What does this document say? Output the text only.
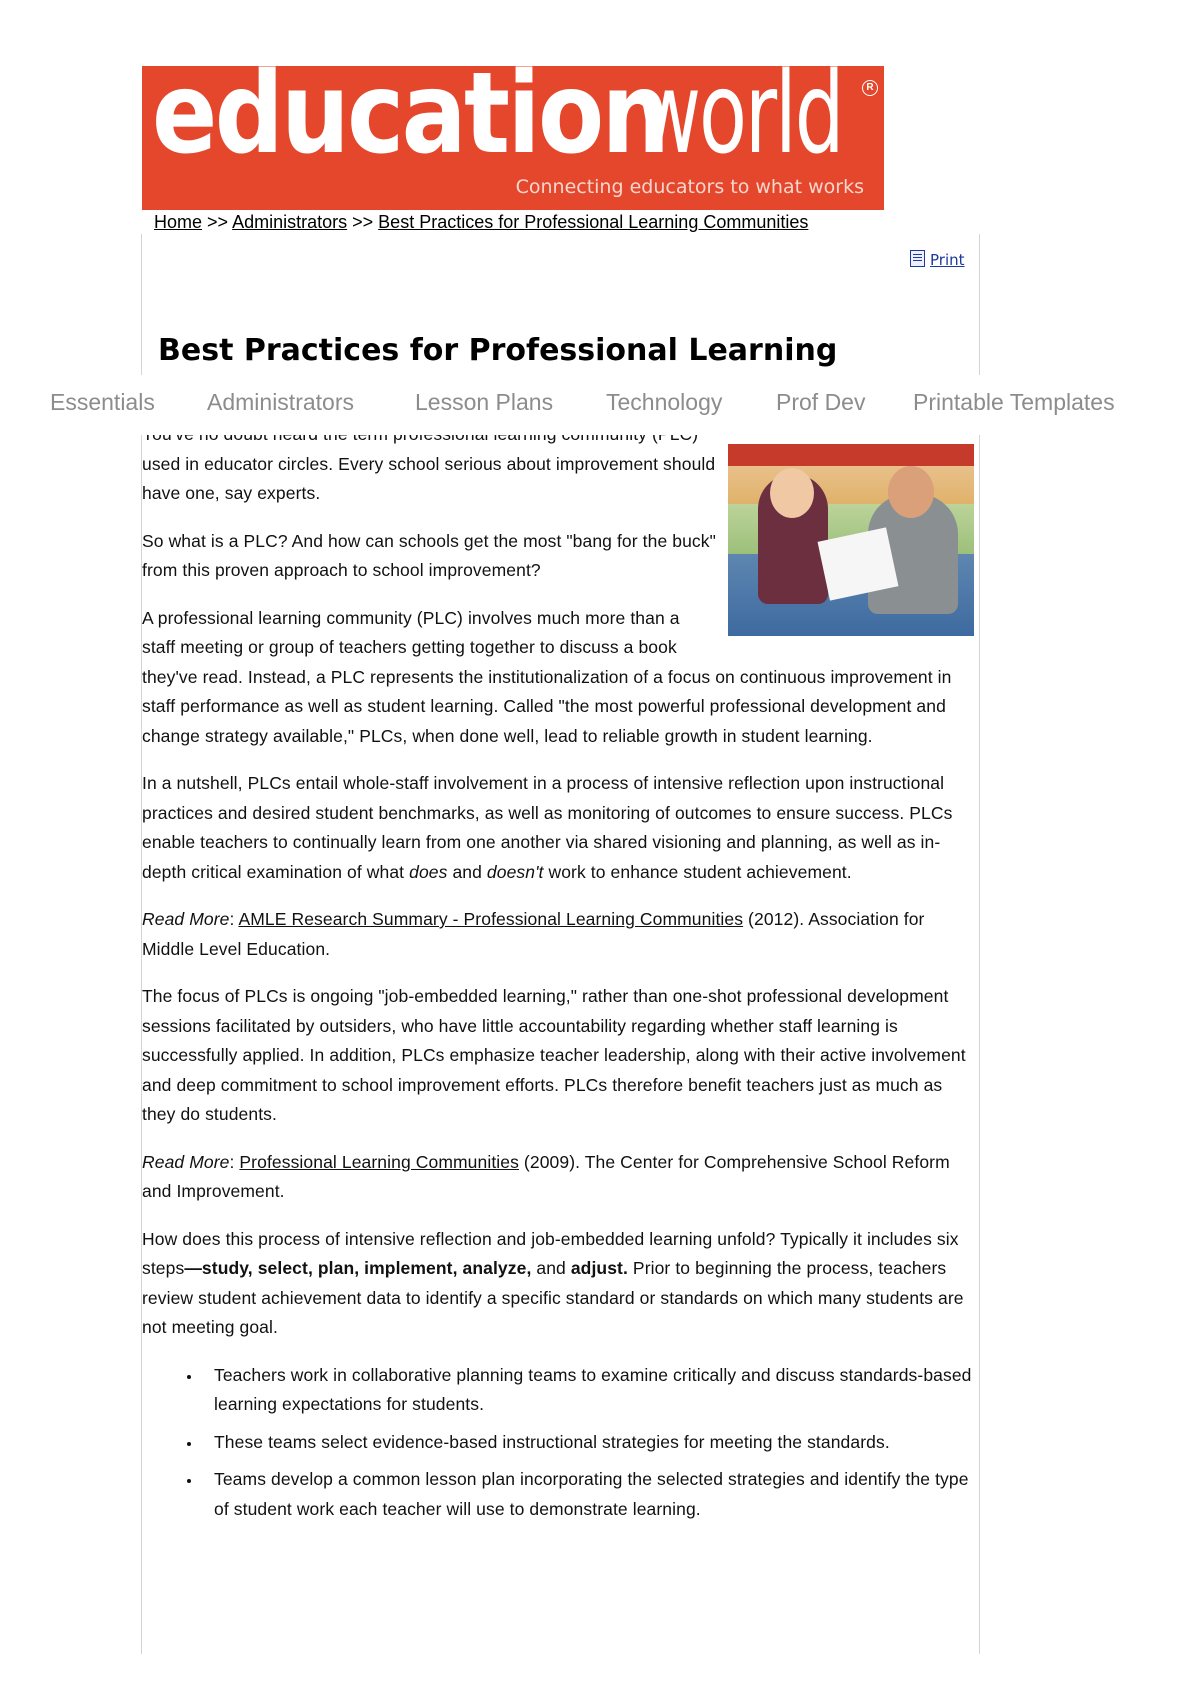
education
world	R
Connecting educators to what works
Home >> Administrators >> Best Practices for Professional Learning Communities
Print
Best Practices for Professional Learning

used in educator circles. Every school serious about improvement should have one, say experts.

So what is a PLC? And how can schools get the most "bang for the buck" from this proven approach to school improvement?

A professional learning community (PLC) involves much more than a staff meeting or group of teachers getting together to discuss a book they've read. Instead, a PLC represents the institutionalization of a focus on continuous improvement in staff performance as well as student learning. Called "the most powerful professional development and change strategy available," PLCs, when done well, lead to reliable growth in student learning.

In a nutshell, PLCs entail whole-staff involvement in a process of intensive reflection upon instructional practices and desired student benchmarks, as well as monitoring of outcomes to ensure success. PLCs enable teachers to continually learn from one another via shared visioning and planning, as well as in-depth critical examination of what does and doesn't work to enhance student achievement.

Read More: AMLE Research Summary - Professional Learning Communities (2012). Association for Middle Level Education.

The focus of PLCs is ongoing "job-embedded learning," rather than one-shot professional development sessions facilitated by outsiders, who have little accountability regarding whether staff learning is successfully applied. In addition, PLCs emphasize teacher leadership, along with their active involvement and deep commitment to school improvement efforts. PLCs therefore benefit teachers just as much as they do students.

Read More: Professional Learning Communities (2009). The Center for Comprehensive School Reform and Improvement.

How does this process of intensive reflection and job-embedded learning unfold? Typically it includes six steps—study, select, plan, implement, analyze, and adjust. Prior to beginning the process, teachers review student achievement data to identify a specific standard or standards on which many students are not meeting goal.

• Teachers work in collaborative planning teams to examine critically and discuss standards-based learning expectations for students.
• These teams select evidence-based instructional strategies for meeting the standards.
• Teams develop a common lesson plan incorporating the selected strategies and identify the type of student work each teacher will use to demonstrate learning.
Essentials Administrators	Lesson Plans Technology Prof Dev Printable Templates
